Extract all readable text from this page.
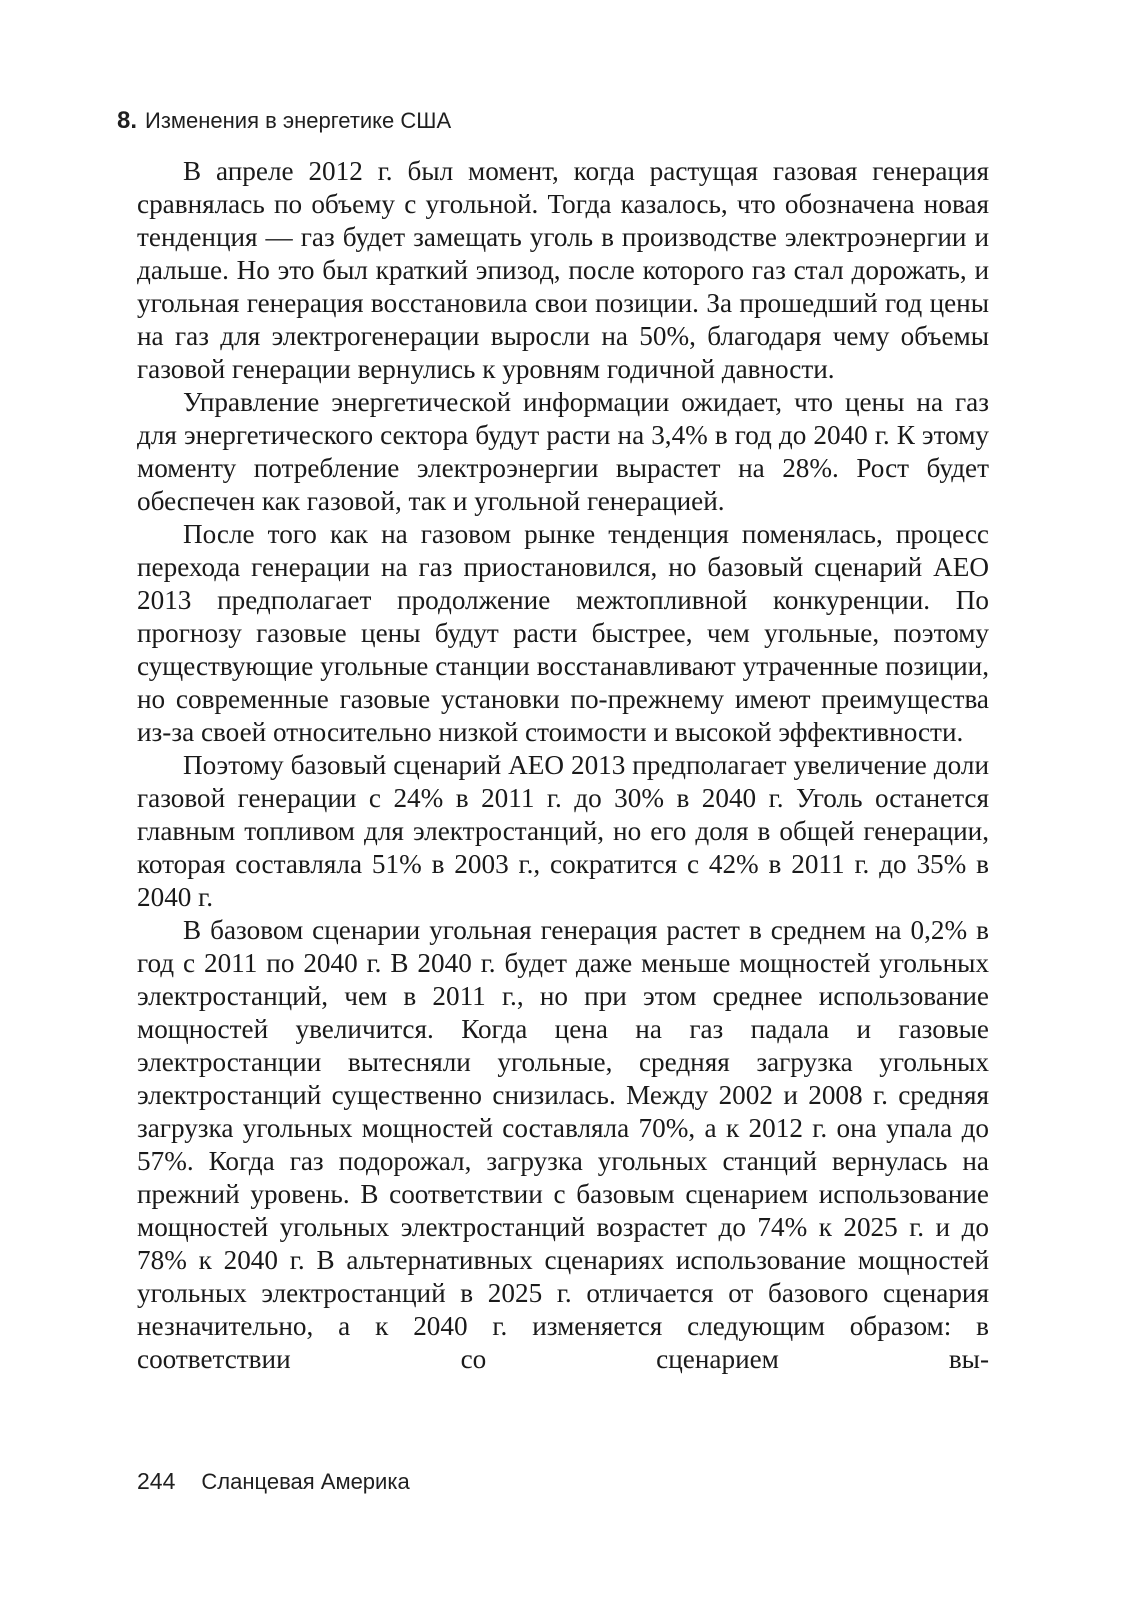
8. Изменения в энергетике США

В апреле 2012 г. был момент, когда растущая газовая генерация сравнялась по объему с угольной. Тогда казалось, что обозначена новая тенденция — газ будет замещать уголь в производстве электроэнергии и дальше. Но это был краткий эпизод, после которого газ стал дорожать, и угольная генерация восстановила свои позиции. За прошедший год цены на газ для электрогенерации выросли на 50%, благодаря чему объемы газовой генерации вернулись к уровням годичной давности.

Управление энергетической информации ожидает, что цены на газ для энергетического сектора будут расти на 3,4% в год до 2040 г. К этому моменту потребление электроэнергии вырастет на 28%. Рост будет обеспечен как газовой, так и угольной генерацией.

После того как на газовом рынке тенденция поменялась, процесс перехода генерации на газ приостановился, но базовый сценарий AEO 2013 предполагает продолжение межтопливной конкуренции. По прогнозу газовые цены будут расти быстрее, чем угольные, поэтому существующие угольные станции восстанавливают утраченные позиции, но современные газовые установки по-прежнему имеют преимущества из-за своей относительно низкой стоимости и высокой эффективности.

Поэтому базовый сценарий AEO 2013 предполагает увеличение доли газовой генерации с 24% в 2011 г. до 30% в 2040 г. Уголь останется главным топливом для электростанций, но его доля в общей генерации, которая составляла 51% в 2003 г., сократится с 42% в 2011 г. до 35% в 2040 г.

В базовом сценарии угольная генерация растет в среднем на 0,2% в год с 2011 по 2040 г. В 2040 г. будет даже меньше мощностей угольных электростанций, чем в 2011 г., но при этом среднее использование мощностей увеличится. Когда цена на газ падала и газовые электростанции вытесняли угольные, средняя загрузка угольных электростанций существенно снизилась. Между 2002 и 2008 г. средняя загрузка угольных мощностей составляла 70%, а к 2012 г. она упала до 57%. Когда газ подорожал, загрузка угольных станций вернулась на прежний уровень. В соответствии с базовым сценарием использование мощностей угольных электростанций возрастет до 74% к 2025 г. и до 78% к 2040 г. В альтернативных сценариях использование мощностей угольных электростанций в 2025 г. отличается от базового сценария незначительно, а к 2040 г. изменяется следующим образом: в соответствии со сценарием вы-

244 Сланцевая Америка
